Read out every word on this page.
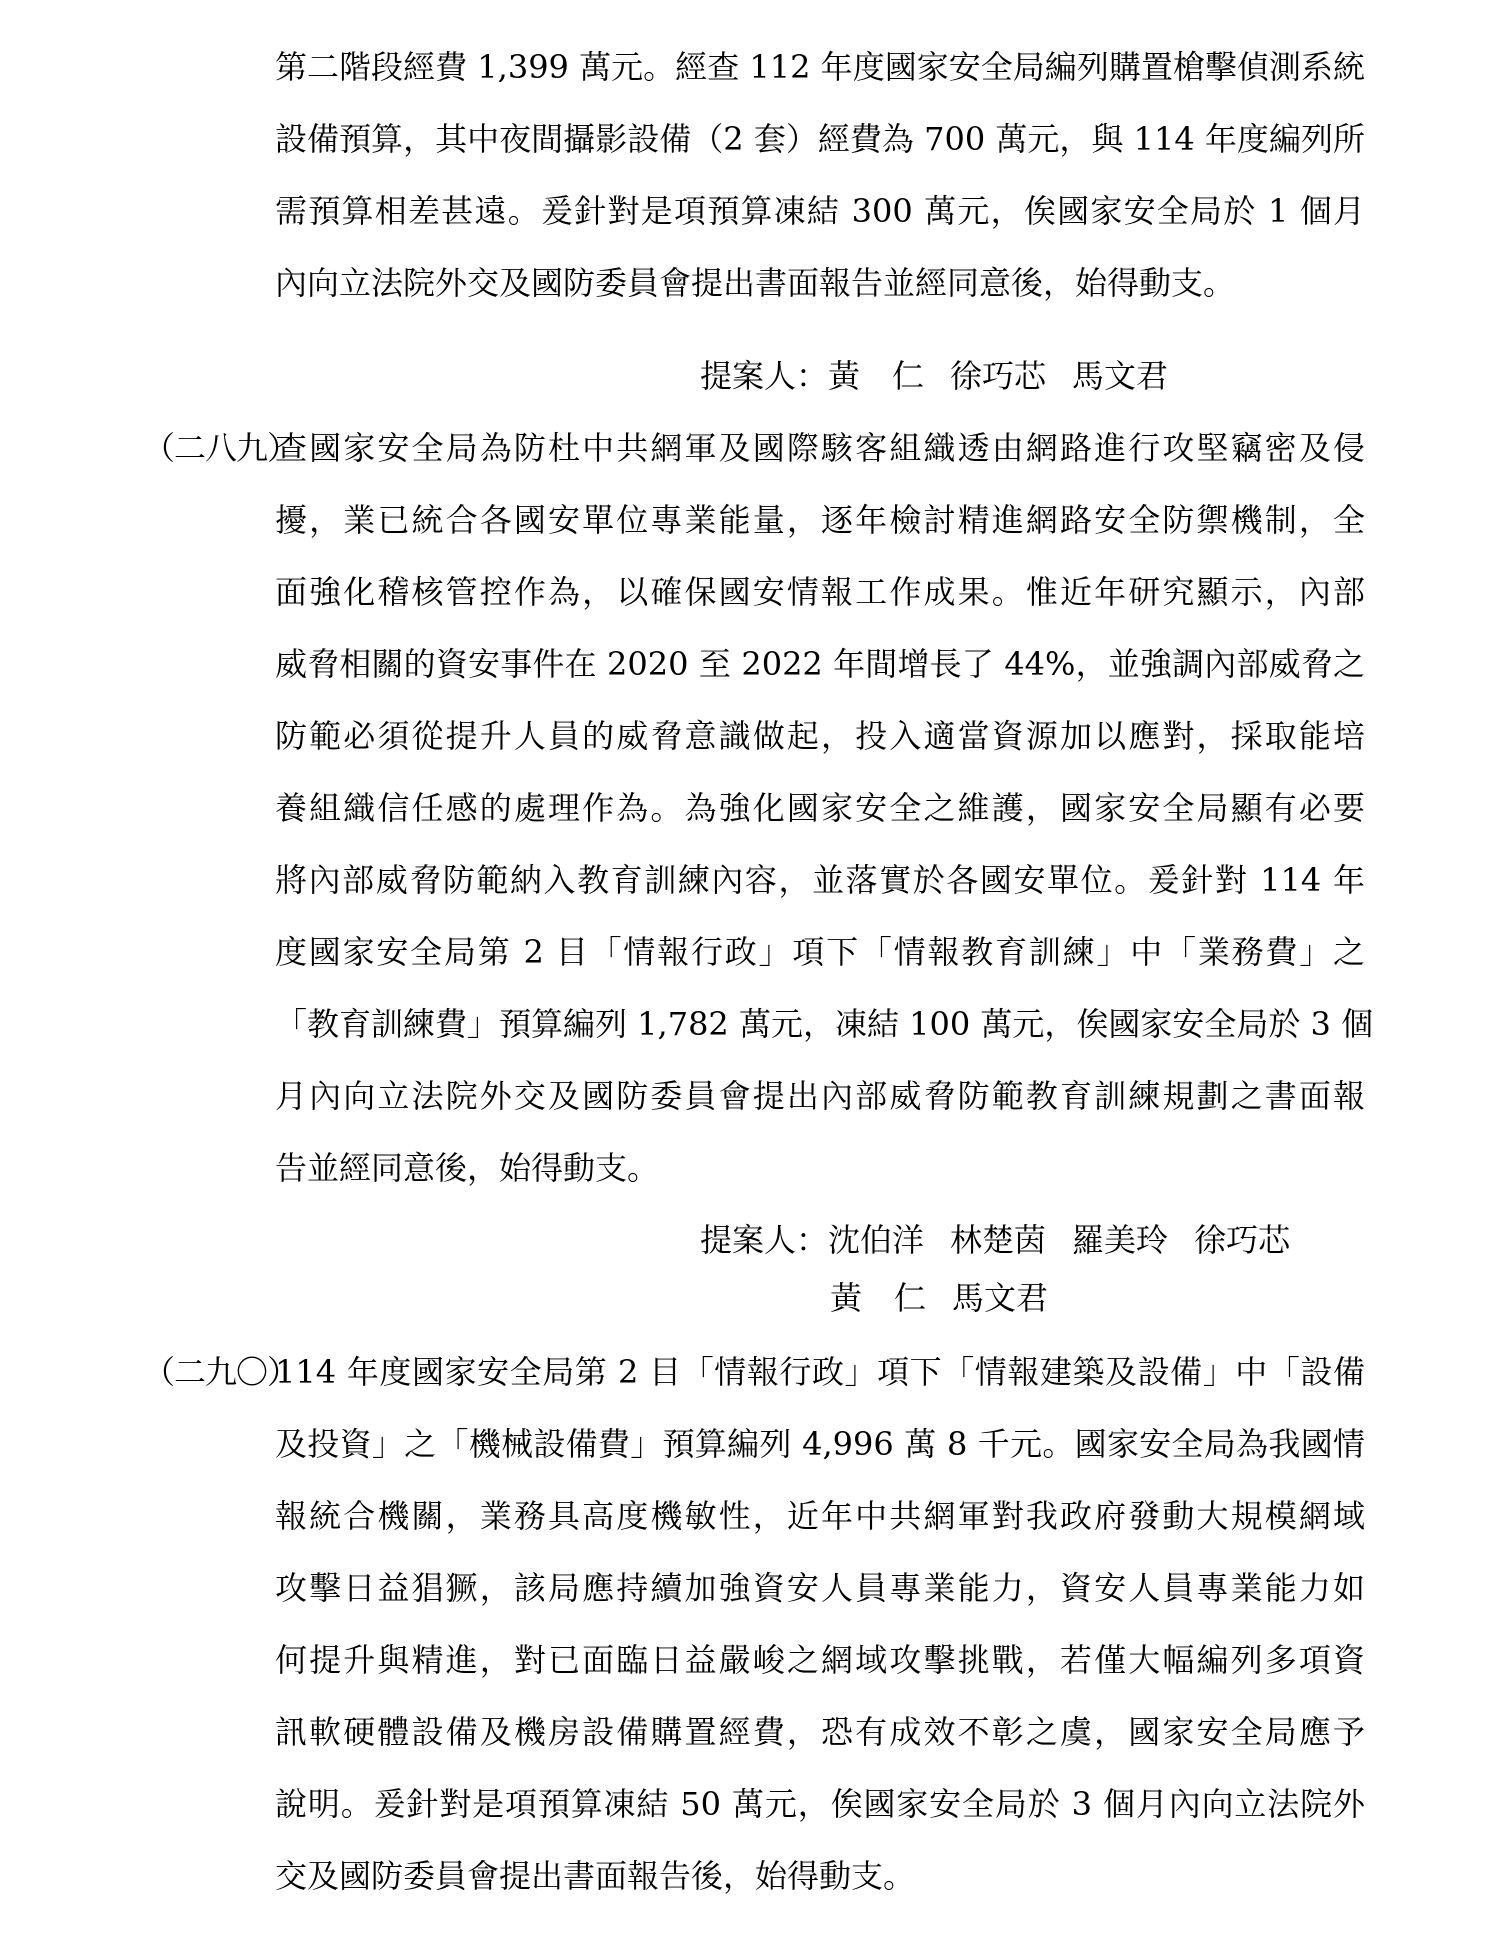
第二階段經費 1,399 萬元。經查 112 年度國家安全局編列購置槍擊偵測系統
設備預算，其中夜間攝影設備（2 套）經費為 700 萬元，與 114 年度編列所
需預算相差甚遠。爰針對是項預算凍結 300 萬元，俟國家安全局於 1 個月
內向立法院外交及國防委員會提出書面報告並經同意後，始得動支。
提案人：黃　仁 徐巧芯 馬文君
（二八九）
查國家安全局為防杜中共網軍及國際駭客組織透由網路進行攻堅竊密及侵
擾，業已統合各國安單位專業能量，逐年檢討精進網路安全防禦機制，全
面強化稽核管控作為，以確保國安情報工作成果。惟近年研究顯示，內部
威脅相關的資安事件在 2020 至 2022 年間增長了 44%，並強調內部威脅之
防範必須從提升人員的威脅意識做起，投入適當資源加以應對，採取能培
養組織信任感的處理作為。為強化國家安全之維護，國家安全局顯有必要
將內部威脅防範納入教育訓練內容，並落實於各國安單位。爰針對 114 年
度國家安全局第 2 目「情報行政」項下「情報教育訓練」中「業務費」之
「教育訓練費」預算編列 1,782 萬元，凍結 100 萬元，俟國家安全局於 3 個
月內向立法院外交及國防委員會提出內部威脅防範教育訓練規劃之書面報
告並經同意後，始得動支。
提案人：沈伯洋 林楚茵 羅美玲 徐巧芯
黃　仁 馬文君
（二九〇）
114 年度國家安全局第 2 目「情報行政」項下「情報建築及設備」中「設備
及投資」之「機械設備費」預算編列 4,996 萬 8 千元。國家安全局為我國情
報統合機關，業務具高度機敏性，近年中共網軍對我政府發動大規模網域
攻擊日益猖獗，該局應持續加強資安人員專業能力，資安人員專業能力如
何提升與精進，對已面臨日益嚴峻之網域攻擊挑戰，若僅大幅編列多項資
訊軟硬體設備及機房設備購置經費，恐有成效不彰之虞，國家安全局應予
說明。爰針對是項預算凍結 50 萬元，俟國家安全局於 3 個月內向立法院外
交及國防委員會提出書面報告後，始得動支。
